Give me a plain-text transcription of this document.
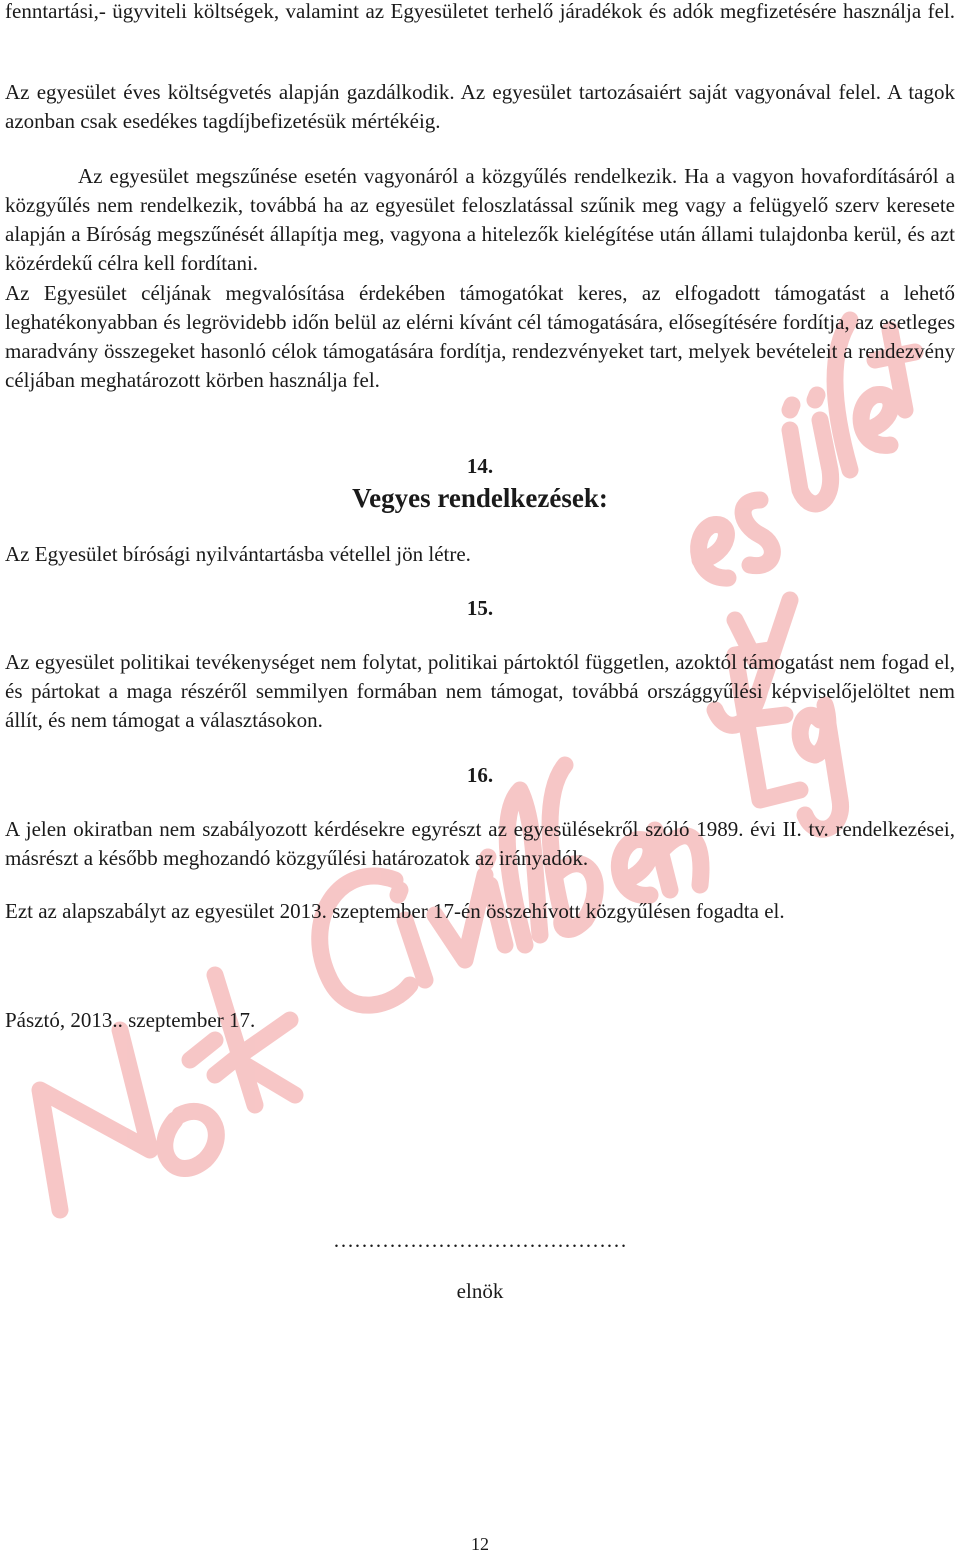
fenntartási,- ügyviteli költségek, valamint az Egyesületet terhelő járadékok és adók megfizetésére használja fel.

Az egyesület éves költségvetés alapján gazdálkodik. Az egyesület tartozásaiért saját vagyonával felel. A tagok azonban csak esedékes tagdíjbefizetésük mértékéig.

Az egyesület megszűnése esetén vagyonáról a közgyűlés rendelkezik. Ha a vagyon hovafordításáról a közgyűlés nem rendelkezik, továbbá ha az egyesület feloszlatással szűnik meg vagy a felügyelő szerv keresete alapján a Bíróság megszűnését állapítja meg, vagyona a hitelezők kielégítése után állami tulajdonba kerül, és azt közérdekű célra kell fordítani.

Az Egyesület céljának megvalósítása érdekében támogatókat keres, az elfogadott támogatást a lehető leghatékonyabban és legrövidebb időn belül az elérni kívánt cél támogatására, elősegítésére fordítja, az esetleges maradvány összegeket hasonló célok támogatására fordítja, rendezvényeket tart, melyek bevételeit a rendezvény céljában meghatározott körben használja fel.

14.

Vegyes rendelkezések:

Az Egyesület bírósági nyilvántartásba vétellel jön létre.

15.

Az egyesület politikai tevékenységet nem folytat, politikai pártoktól független, azoktól támogatást nem fogad el, és pártokat a maga részéről semmilyen formában nem támogat, továbbá országgyűlési képviselőjelöltet nem állít, és nem támogat a választásokon.

16.

A jelen okiratban nem szabályozott kérdésekre egyrészt az egyesülésekről szóló 1989. évi II. tv. rendelkezései, másrészt a később meghozandó közgyűlési határozatok az irányadók.

Ezt az alapszabályt az egyesület 2013. szeptember 17-én összehívott közgyűlésen fogadta el.

Pásztó, 2013.. szeptember 17.

……………………………………

elnök

12
